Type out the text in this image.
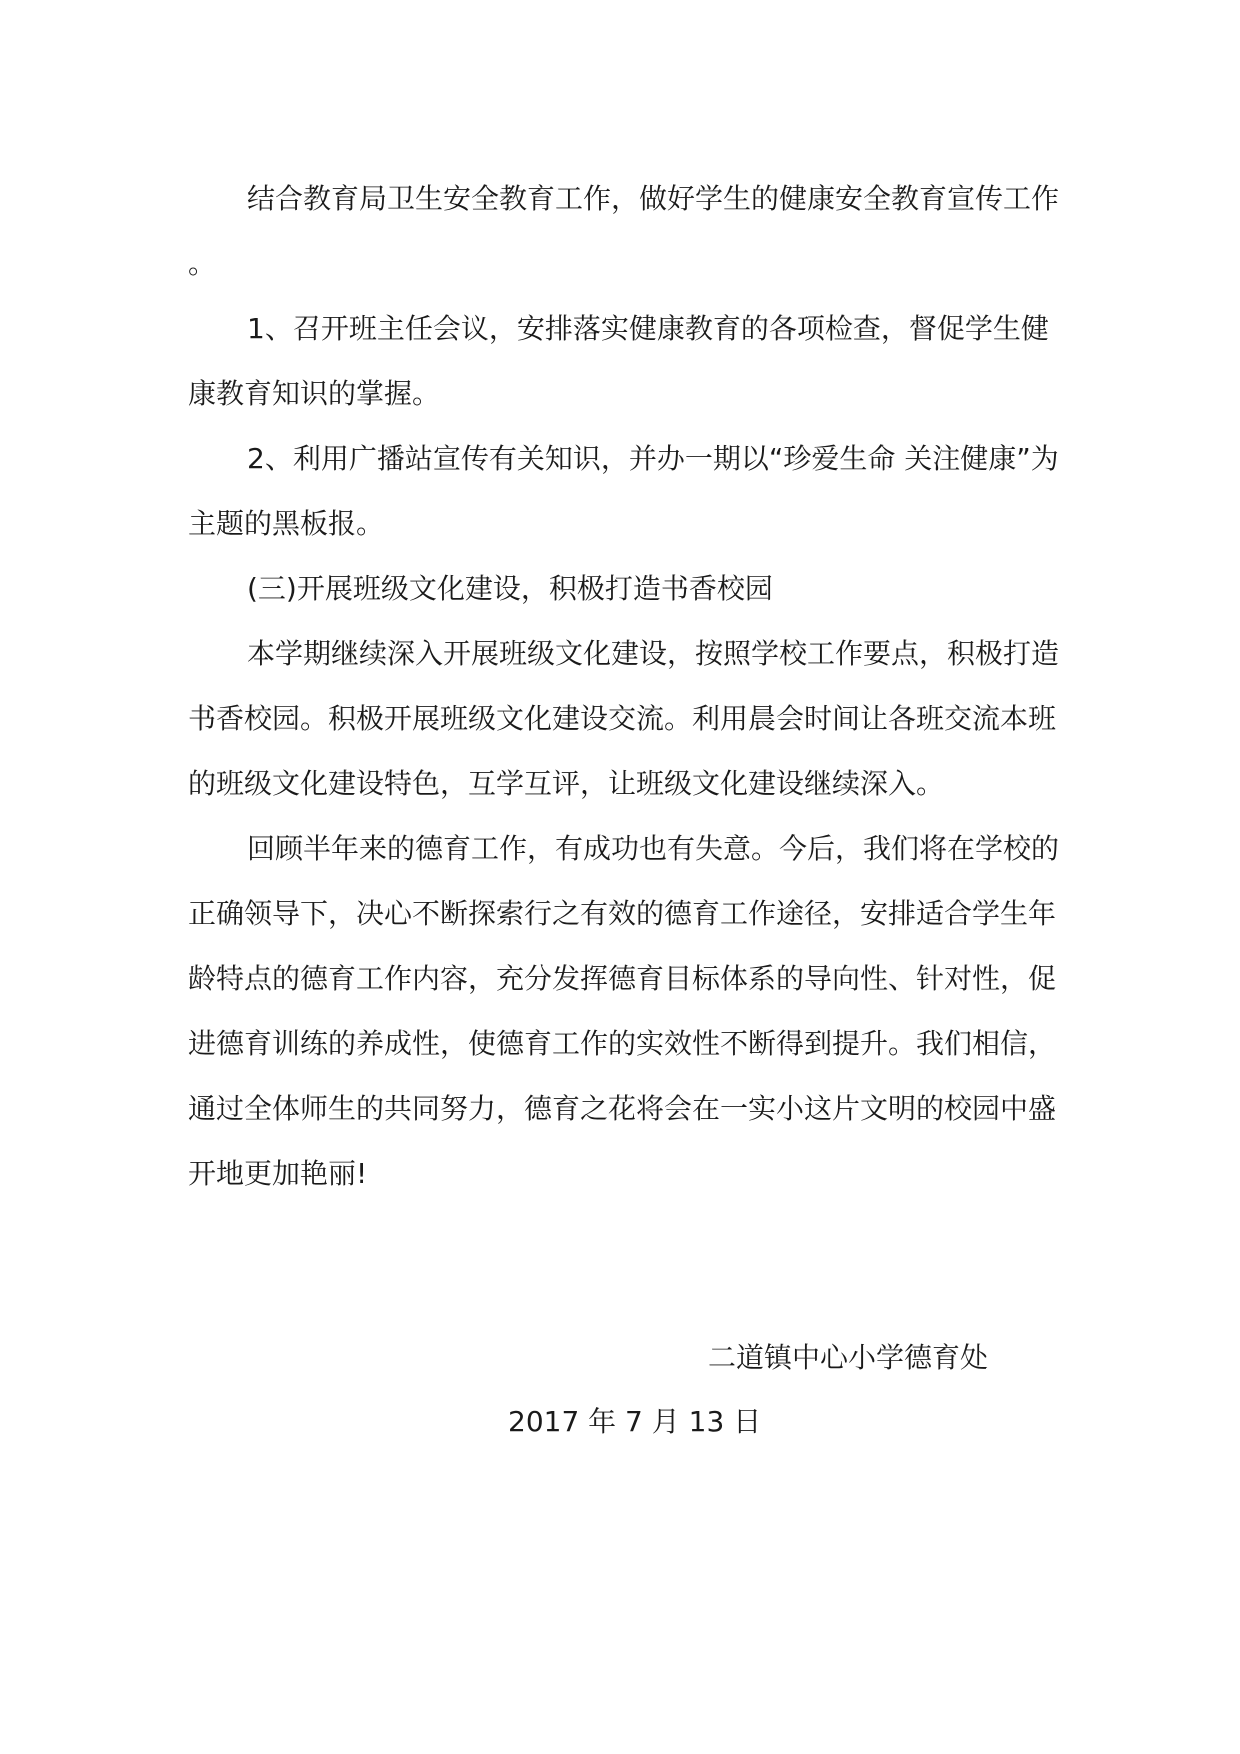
结合教育局卫生安全教育工作，做好学生的健康安全教育宣传工作。

1、召开班主任会议，安排落实健康教育的各项检查，督促学生健康教育知识的掌握。

2、利用广播站宣传有关知识，并办一期以“珍爱生命 关注健康”为主题的黑板报。

(三)开展班级文化建设，积极打造书香校园

本学期继续深入开展班级文化建设，按照学校工作要点，积极打造书香校园。积极开展班级文化建设交流。利用晨会时间让各班交流本班的班级文化建设特色，互学互评，让班级文化建设继续深入。

回顾半年来的德育工作，有成功也有失意。今后，我们将在学校的正确领导下，决心不断探索行之有效的德育工作途径，安排适合学生年龄特点的德育工作内容，充分发挥德育目标体系的导向性、针对性，促进德育训练的养成性，使德育工作的实效性不断得到提升。我们相信，通过全体师生的共同努力，德育之花将会在一实小这片文明的校园中盛开地更加艳丽!

二道镇中心小学德育处
2017 年 7 月 13 日
